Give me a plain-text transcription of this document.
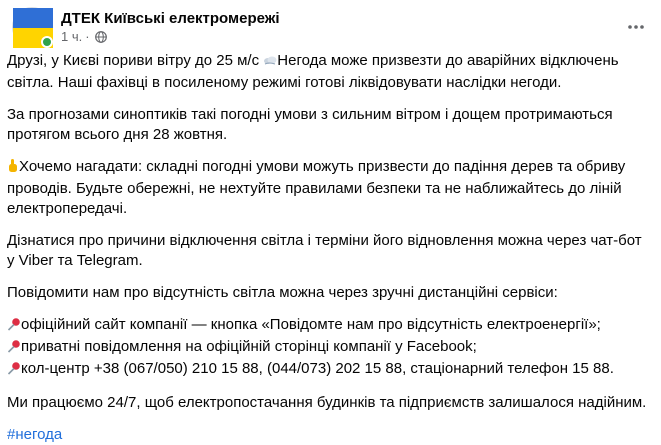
ДТЕК Київські електромережі
1 ч. ·

Друзі, у Києві пориви вітру до 25 м/с Негода може призвезти до аварійних відключень
світла. Наші фахівці в посиленому режимі готові ліквідовувати наслідки негоди.

За прогнозами синоптиків такі погодні умови з сильним вітром і дощем протримаються
протягом всього дня 28 жовтня.

Хочемо нагадати: складні погодні умови можуть призвести до падіння дерев та обриву
проводів. Будьте обережні, не нехтуйте правилами безпеки та не наближайтесь до ліній
електропередачі.

Дізнатися про причини відключення світла і терміни його відновлення можна через чат-бот
у Viber та Telegram.

Повідомити нам про відсутність світла можна через зручні дистанційні сервіси:

офіційний сайт компанії — кнопка «Повідомте нам про відсутність електроенергії»;
приватні повідомлення на офіційній сторінці компанії у Facebook;
кол-центр +38 (067/050) 210 15 88, (044/073) 202 15 88, стаціонарний телефон 15 88.

Ми працюємо 24/7, щоб електропостачання будинків та підприємств залишалося надійним.

#негода
